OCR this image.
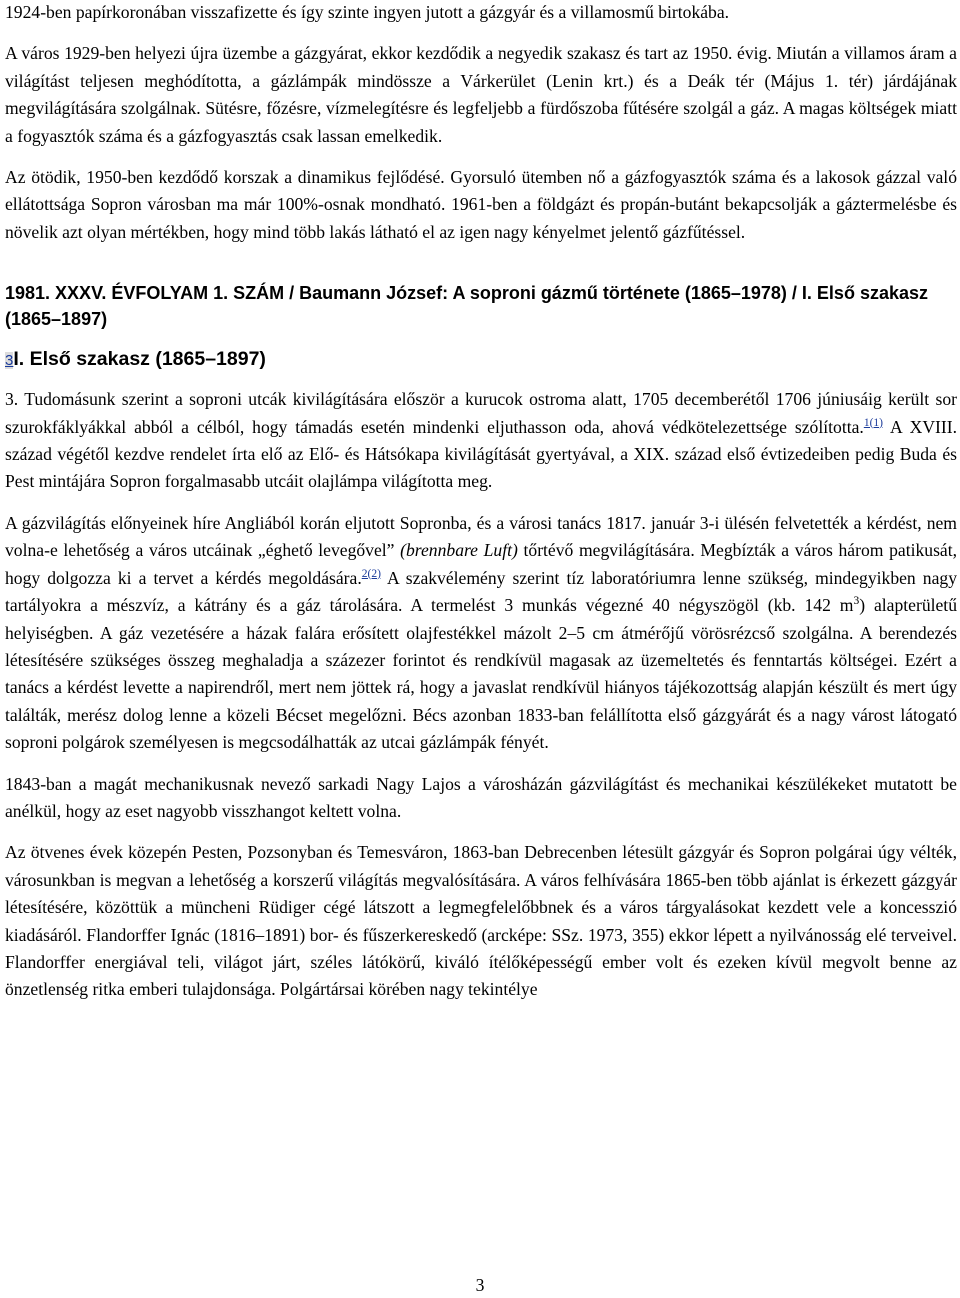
1924-ben papírkoronában visszafizette és így szinte ingyen jutott a gázgyár és a villamosmű birtokába.

A város 1929-ben helyezi újra üzembe a gázgyárat, ekkor kezdődik a negyedik szakasz és tart az 1950. évig. Miután a villamos áram a világítást teljesen meghódította, a gázlámpák mindössze a Várkerület (Lenin krt.) és a Deák tér (Május 1. tér) járdájának megvilágítására szolgálnak. Sütésre, főzésre, vízmelegítésre és legfeljebb a fürdőszoba fűtésére szolgál a gáz. A magas költségek miatt a fogyasztók száma és a gázfogyasztás csak lassan emelkedik.

Az ötödik, 1950-ben kezdődő korszak a dinamikus fejlődésé. Gyorsuló ütemben nő a gázfogyasztók száma és a lakosok gázzal való ellátottsága Sopron városban ma már 100%-osnak mondható. 1961-ben a földgázt és propán-butánt bekapcsolják a gáztermelésbe és növelik azt olyan mértékben, hogy mind több lakás látható el az igen nagy kényelmet jelentő gázfűtéssel.

1981. XXXV. ÉVFOLYAM 1. SZÁM / Baumann József: A soproni gázmű története (1865–1978) / I. Első szakasz (1865–1897)
3I. Első szakasz (1865–1897)

3. Tudomásunk szerint a soproni utcák kivilágítására először a kurucok ostroma alatt, 1705 decemberétől 1706 júniusáig került sor szurokfáklyákkal abból a célból, hogy támadás esetén mindenki eljuthasson oda, ahová védkötelezettsége szólította.$^{1(1)}$ A XVIII. század végétől kezdve rendelet írta elő az Elő- és Hátsókapa kivilágítását gyertyával, a XIX. század első évtizedeiben pedig Buda és Pest mintájára Sopron forgalmasabb utcáit olajlámpa világította meg.

A gázvilágítás előnyeinek híre Angliából korán eljutott Sopronba, és a városi tanács 1817. január 3-i ülésén felvetették a kérdést, nem volna-e lehetőség a város utcáinak „éghető levegővel” (brennbare Luft) tőrtévő megvilágítására. Megbízták a város három patikusát, hogy dolgozza ki a tervet a kérdés megoldására.$^{2(2)}$ A szakvélemény szerint tíz laboratóriumra lenne szükség, mindegyikben nagy tartályokra a mészvíz, a kátrány és a gáz tárolására. A termelést 3 munkás végezné 40 négyszögöl (kb. 142 $m^3$) alapterületű helyiségben. A gáz vezetésére a házak falára erősített olajfestékkel mázolt 2–5 cm átmérőjű vörösrézcső szolgálna. A berendezés létesítésére szükséges összeg meghaladja a százezer forintot és rendkívül magasak az üzemeltetés és fenntartás költségei. Ezért a tanács a kérdést levette a napirendről, mert nem jöttek rá, hogy a javaslat rendkívül hiányos tájékozottság alapján készült és mert úgy találták, merész dolog lenne a közeli Bécset megelőzni. Bécs azonban 1833-ban felállította első gázgyárát és a nagy várost látogató soproni polgárok személyesen is megcsodálhatták az utcai gázlámpák fényét.

1843-ban a magát mechanikusnak nevező sarkadi Nagy Lajos a városházán gázvilágítást és mechanikai készülékeket mutatott be anélkül, hogy az eset nagyobb visszhangot keltett volna.

Az ötvenes évek közepén Pesten, Pozsonyban és Temesváron, 1863-ban Debrecenben létesült gázgyár és Sopron polgárai úgy vélték, városunkban is megvan a lehetőség a korszerű világítás megvalósítására. A város felhívására 1865-ben több ajánlat is érkezett gázgyár létesítésére, közöttük a müncheni Rüdiger cégé látszott a legmegfelelőbbnek és a város tárgyalásokat kezdett vele a koncesszió kiadásáról. Flandorffer Ignác (1816–1891) bor- és fűszerkereskedő (arcképe: SSz. 1973, 355) ekkor lépett a nyilvánosság elé terveivel. Flandorffer energiával teli, világot járt, széles látókörű, kiváló ítélőképességű ember volt és ezeken kívül megvolt benne az önzetlenség ritka emberi tulajdonsága. Polgártársai körében nagy tekintélye

3
